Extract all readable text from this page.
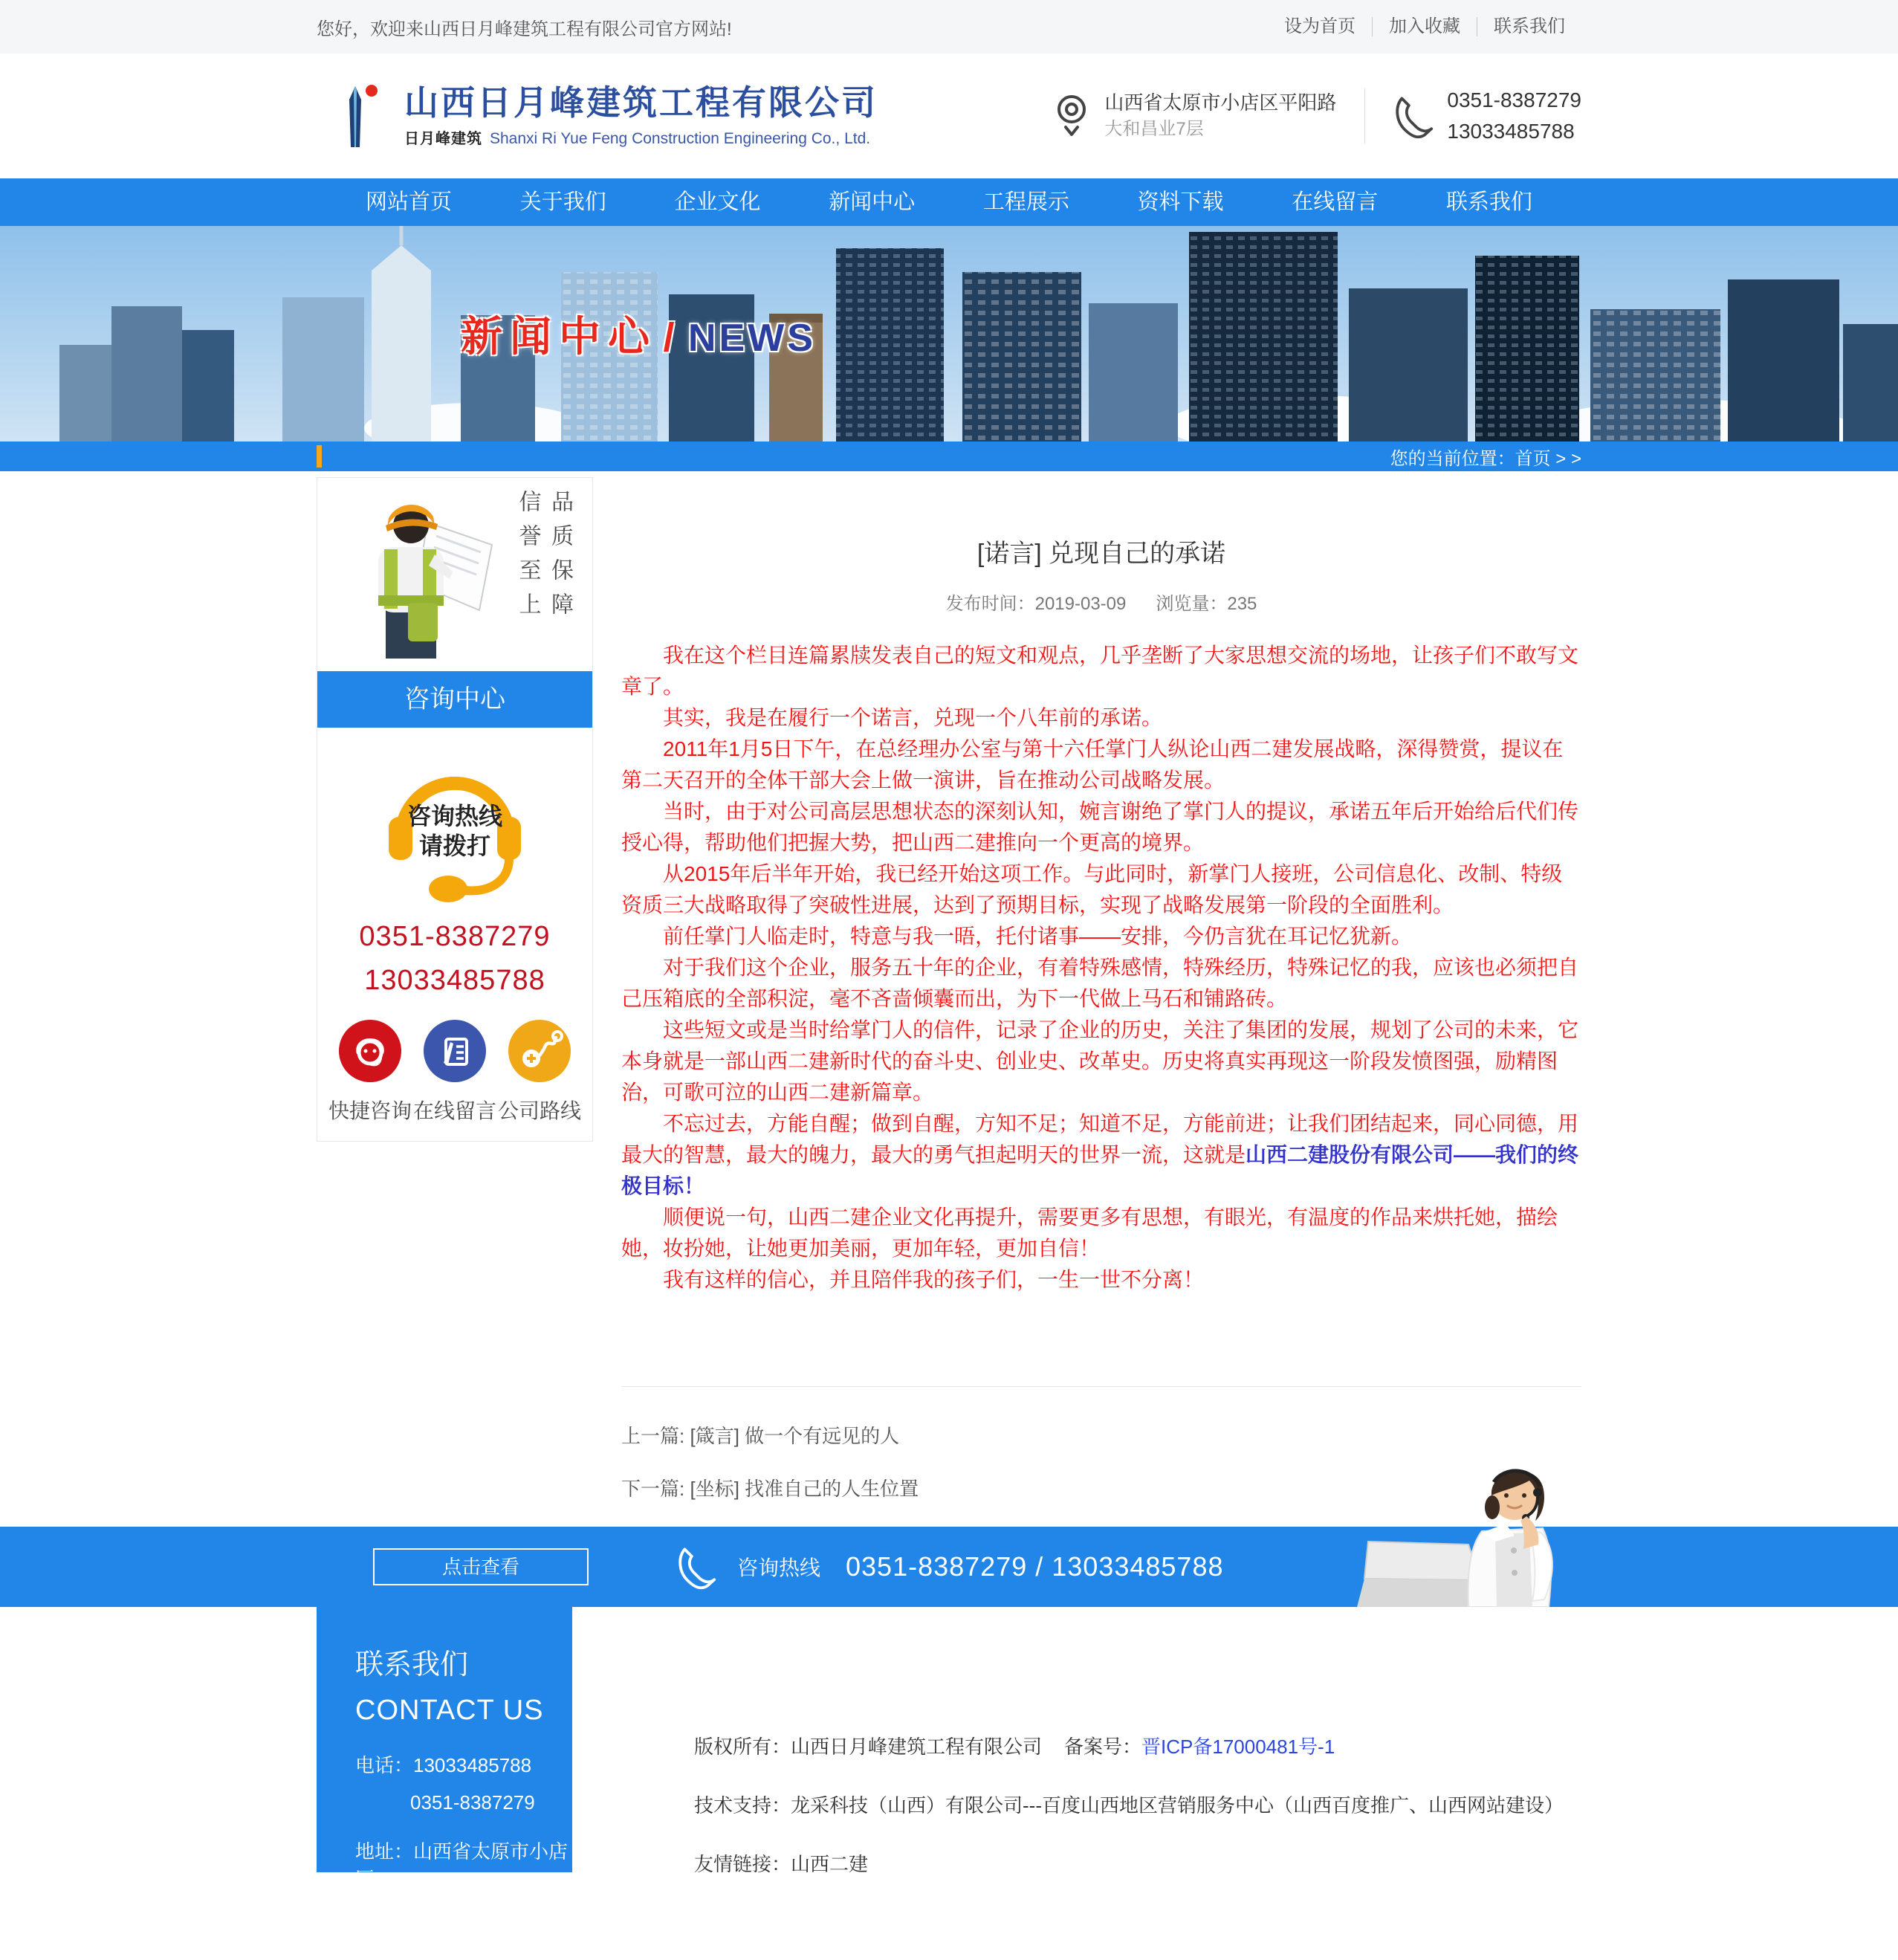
您好，欢迎来山西日月峰建筑工程有限公司官方网站!	设为首页	加入收藏	联系我们
山西日月峰建筑工程有限公司
日月峰建筑 Shanxi Ri Yue Feng Construction Engineering Co., Ltd.
山西省太原市小店区平阳路
大和昌业7层
0351-8387279
13033485788
网站首页	关于我们	企业文化	新闻中心	工程展示	资料下载	在线留言	联系我们
新闻中心 / NEWS
您的当前位置：首页 > >
品质保障 信誉至上
咨询中心
咨询热线
请拨打
0351-8387279
13033485788
快捷咨询 在线留言 公司路线
[诺言] 兑现自己的承诺
发布时间：2019-03-09 浏览量：235

我在这个栏目连篇累牍发表自己的短文和观点，几乎垄断了大家思想交流的场地，让孩子们不敢写文章了。

其实，我是在履行一个诺言，兑现一个八年前的承诺。

2011年1月5日下午，在总经理办公室与第十六任掌门人纵论山西二建发展战略，深得赞赏，提议在第二天召开的全体干部大会上做一演讲，旨在推动公司战略发展。

当时，由于对公司高层思想状态的深刻认知，婉言谢绝了掌门人的提议，承诺五年后开始给后代们传授心得，帮助他们把握大势，把山西二建推向一个更高的境界。

从2015年后半年开始，我已经开始这项工作。与此同时，新掌门人接班，公司信息化、改制、特级资质三大战略取得了突破性进展，达到了预期目标，实现了战略发展第一阶段的全面胜利。

前任掌门人临走时，特意与我一晤，托付诸事——安排，今仍言犹在耳记忆犹新。

对于我们这个企业，服务五十年的企业，有着特殊感情，特殊经历，特殊记忆的我，应该也必须把自己压箱底的全部积淀，毫不吝啬倾囊而出，为下一代做上马石和铺路砖。

这些短文或是当时给掌门人的信件，记录了企业的历史，关注了集团的发展，规划了公司的未来，它本身就是一部山西二建新时代的奋斗史、创业史、改革史。历史将真实再现这一阶段发愤图强，励精图治，可歌可泣的山西二建新篇章。

不忘过去，方能自醒；做到自醒，方知不足；知道不足，方能前进；让我们团结起来，同心同德，用最大的智慧，最大的魄力，最大的勇气担起明天的世界一流，这就是山西二建股份有限公司——我们的终极目标！

顺便说一句，山西二建企业文化再提升，需要更多有思想，有眼光，有温度的作品来烘托她，描绘她，妆扮她，让她更加美丽，更加年轻，更加自信！

我有这样的信心，并且陪伴我的孩子们，一生一世不分离！

上一篇: [箴言] 做一个有远见的人
下一篇: [坐标] 找准自己的人生位置
点击查看	咨询热线 0351-8387279 / 13033485788
联系我们
CONTACT US
电话：13033485788
0351-8387279
地址：山西省太原市小店区
平阳路大和昌业7层
版权所有：山西日月峰建筑工程有限公司 备案号：晋ICP备17000481号-1
技术支持：龙采科技（山西）有限公司---百度山西地区营销服务中心（山西百度推广、山西网站建设）
友情链接：山西二建
